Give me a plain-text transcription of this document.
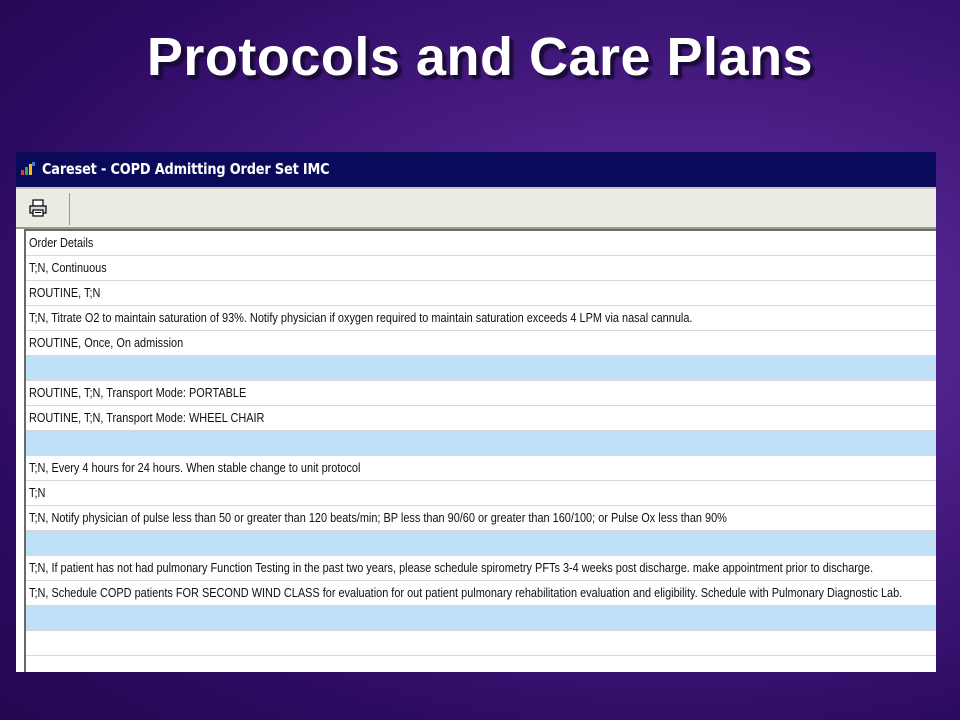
Protocols and Care Plans
Careset - COPD Admitting Order Set IMC
Order Details
T;N, Continuous
ROUTINE, T;N
T;N, Titrate O2 to maintain saturation of 93%. Notify physician if oxygen required to maintain saturation exceeds 4 LPM via nasal cannula.
ROUTINE, Once, On admission
ROUTINE, T;N, Transport Mode: PORTABLE
ROUTINE, T;N, Transport Mode: WHEEL CHAIR
T;N, Every 4 hours for 24 hours. When stable change to unit protocol
T;N
T;N, Notify physician of pulse less than 50 or greater than 120 beats/min; BP less than 90/60 or greater than 160/100; or Pulse Ox less than 90%
T;N, If patient has not had pulmonary Function Testing in the past two years, please schedule spirometry PFTs 3-4 weeks post discharge. make appointment prior to discharge.
T;N, Schedule COPD patients FOR SECOND WIND CLASS for evaluation for out patient pulmonary rehabilitation evaluation and eligibility. Schedule with Pulmonary Diagnostic Lab.
